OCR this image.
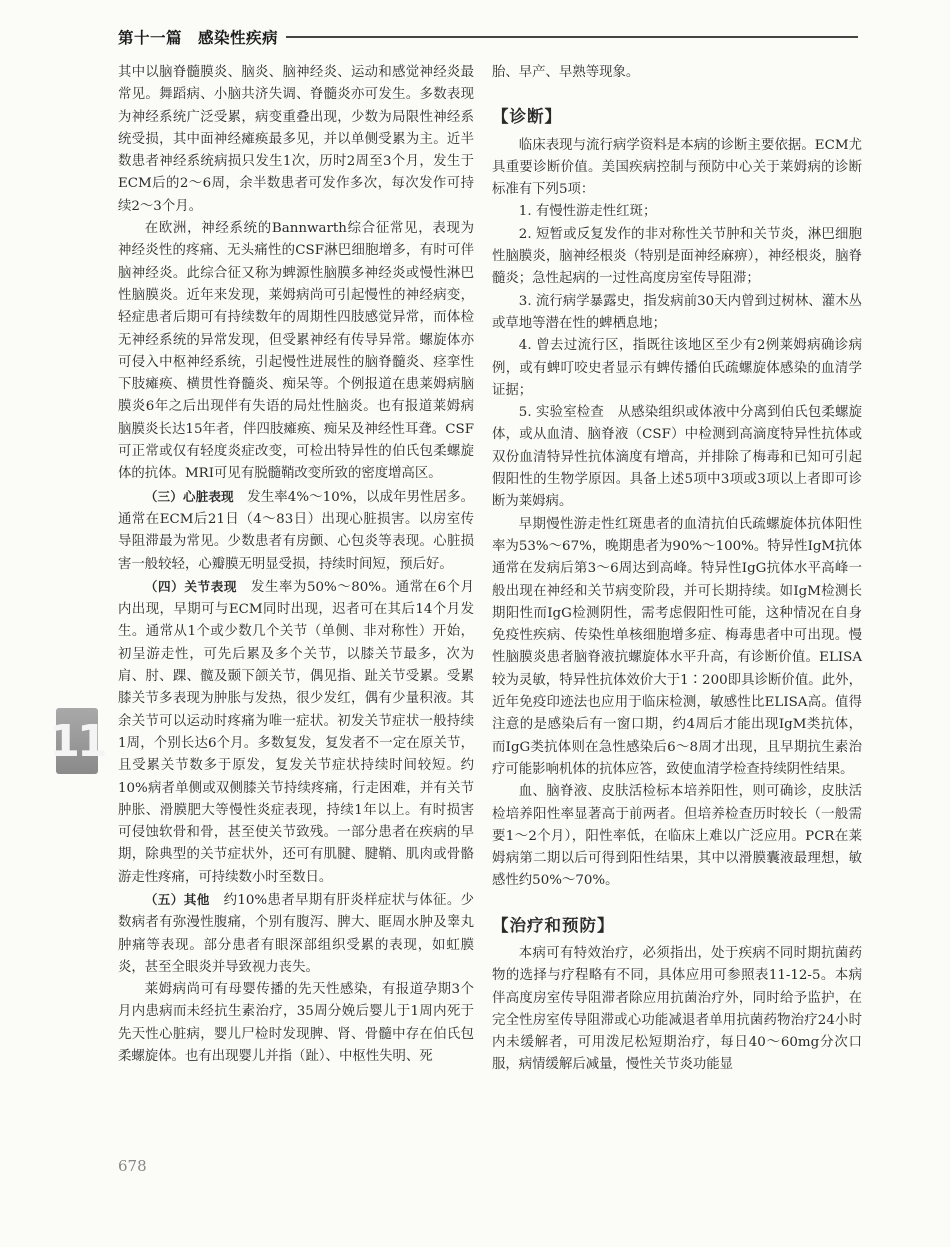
第十一篇　感染性疾病
11

其中以脑脊髓膜炎、脑炎、脑神经炎、运动和感觉神经炎最常见。舞蹈病、小脑共济失调、脊髓炎亦可发生。多数表现为神经系统广泛受累，病变重叠出现，少数为局限性神经系统受损，其中面神经瘫痪最多见，并以单侧受累为主。近半数患者神经系统病损只发生1次，历时2周至3个月，发生于ECM后的2～6周，余半数患者可发作多次，每次发作可持续2～3个月。

在欧洲，神经系统的Bannwarth综合征常见，表现为神经炎性的疼痛、无头痛性的CSF淋巴细胞增多，有时可伴脑神经炎。此综合征又称为蜱源性脑膜多神经炎或慢性淋巴性脑膜炎。近年来发现，莱姆病尚可引起慢性的神经病变，轻症患者后期可有持续数年的周期性四肢感觉异常，而体检无神经系统的异常发现，但受累神经有传导异常。螺旋体亦可侵入中枢神经系统，引起慢性进展性的脑脊髓炎、痉挛性下肢瘫痪、横贯性脊髓炎、痴呆等。个例报道在患莱姆病脑膜炎6年之后出现伴有失语的局灶性脑炎。也有报道莱姆病脑膜炎长达15年者，伴四肢瘫痪、痴呆及神经性耳聋。CSF可正常或仅有轻度炎症改变，可检出特异性的伯氏包柔螺旋体的抗体。MRI可见有脱髓鞘改变所致的密度增高区。

（三）心脏表现　发生率4%～10%，以成年男性居多。通常在ECM后21日（4～83日）出现心脏损害。以房室传导阻滞最为常见。少数患者有房颤、心包炎等表现。心脏损害一般较轻，心瓣膜无明显受损，持续时间短，预后好。

（四）关节表现　发生率为50%～80%。通常在6个月内出现，早期可与ECM同时出现，迟者可在其后14个月发生。通常从1个或少数几个关节（单侧、非对称性）开始，初呈游走性，可先后累及多个关节，以膝关节最多，次为肩、肘、踝、髋及颞下颌关节，偶见指、趾关节受累。受累膝关节多表现为肿胀与发热，很少发红，偶有少量积液。其余关节可以运动时疼痛为唯一症状。初发关节症状一般持续1周，个别长达6个月。多数复发，复发者不一定在原关节，且受累关节数多于原发，复发关节症状持续时间较短。约10%病者单侧或双侧膝关节持续疼痛，行走困难，并有关节肿胀、滑膜肥大等慢性炎症表现，持续1年以上。有时损害可侵蚀软骨和骨，甚至使关节致残。一部分患者在疾病的早期，除典型的关节症状外，还可有肌腱、腱鞘、肌肉或骨骼游走性疼痛，可持续数小时至数日。

（五）其他　约10%患者早期有肝炎样症状与体征。少数病者有弥漫性腹痛，个别有腹泻、脾大、眶周水肿及睾丸肿痛等表现。部分患者有眼深部组织受累的表现，如虹膜炎，甚至全眼炎并导致视力丧失。

莱姆病尚可有母婴传播的先天性感染，有报道孕期3个月内患病而未经抗生素治疗，35周分娩后婴儿于1周内死于先天性心脏病，婴儿尸检时发现脾、肾、骨髓中存在伯氏包柔螺旋体。也有出现婴儿并指（趾）、中枢性失明、死

胎、早产、早熟等现象。

【诊断】

临床表现与流行病学资料是本病的诊断主要依据。ECM尤具重要诊断价值。美国疾病控制与预防中心关于莱姆病的诊断标准有下列5项：

1. 有慢性游走性红斑；

2. 短暂或反复发作的非对称性关节肿和关节炎，淋巴细胞性脑膜炎，脑神经根炎（特别是面神经麻痹），神经根炎，脑脊髓炎；急性起病的一过性高度房室传导阻滞；

3. 流行病学暴露史，指发病前30天内曾到过树林、灌木丛或草地等潜在性的蜱栖息地；

4. 曾去过流行区，指既往该地区至少有2例莱姆病确诊病例，或有蜱叮咬史者显示有蜱传播伯氏疏螺旋体感染的血清学证据；

5. 实验室检查　从感染组织或体液中分离到伯氏包柔螺旋体，或从血清、脑脊液（CSF）中检测到高滴度特异性抗体或双份血清特异性抗体滴度有增高，并排除了梅毒和已知可引起假阳性的生物学原因。具备上述5项中3项或3项以上者即可诊断为莱姆病。

早期慢性游走性红斑患者的血清抗伯氏疏螺旋体抗体阳性率为53%～67%，晚期患者为90%～100%。特异性IgM抗体通常在发病后第3～6周达到高峰。特异性IgG抗体水平高峰一般出现在神经和关节病变阶段，并可长期持续。如IgM检测长期阳性而IgG检测阴性，需考虑假阳性可能，这种情况在自身免疫性疾病、传染性单核细胞增多症、梅毒患者中可出现。慢性脑膜炎患者脑脊液抗螺旋体水平升高，有诊断价值。ELISA较为灵敏，特异性抗体效价大于1∶200即具诊断价值。此外，近年免疫印迹法也应用于临床检测，敏感性比ELISA高。值得注意的是感染后有一窗口期，约4周后才能出现IgM类抗体，而IgG类抗体则在急性感染后6～8周才出现，且早期抗生素治疗可能影响机体的抗体应答，致使血清学检查持续阴性结果。

血、脑脊液、皮肤活检标本培养阳性，则可确诊，皮肤活检培养阳性率显著高于前两者。但培养检查历时较长（一般需要1～2个月），阳性率低，在临床上难以广泛应用。PCR在莱姆病第二期以后可得到阳性结果，其中以滑膜囊液最理想，敏感性约50%～70%。

【治疗和预防】

本病可有特效治疗，必须指出，处于疾病不同时期抗菌药物的选择与疗程略有不同，具体应用可参照表11-12-5。本病伴高度房室传导阻滞者除应用抗菌治疗外，同时给予监护，在完全性房室传导阻滞或心功能减退者单用抗菌药物治疗24小时内未缓解者，可用泼尼松短期治疗，每日40～60mg分次口服，病情缓解后减量，慢性关节炎功能显

678
